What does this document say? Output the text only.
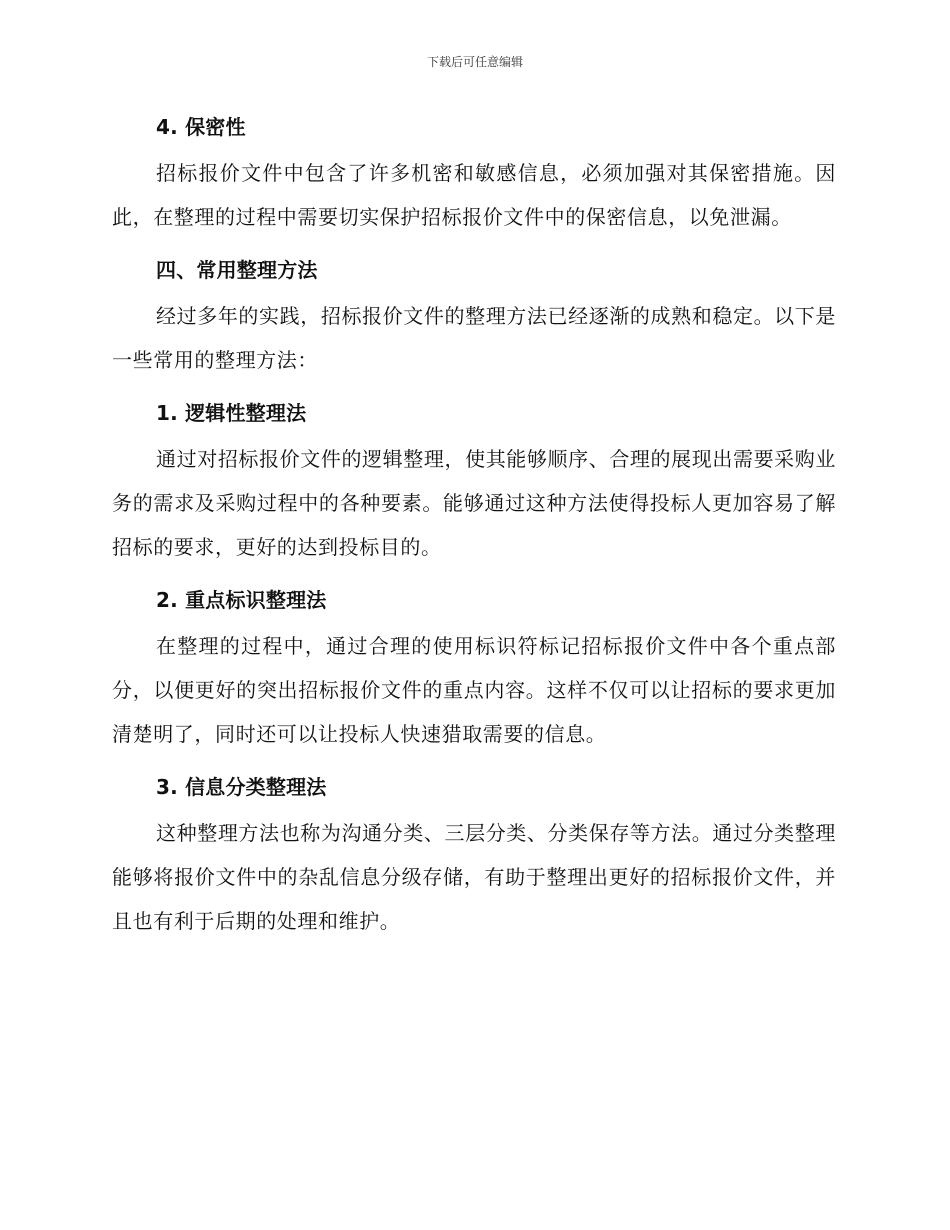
下载后可任意编辑
4. 保密性

招标报价文件中包含了许多机密和敏感信息，必须加强对其保密措施。因此，在整理的过程中需要切实保护招标报价文件中的保密信息，以免泄漏。

四、常用整理方法

经过多年的实践，招标报价文件的整理方法已经逐渐的成熟和稳定。以下是一些常用的整理方法：

1. 逻辑性整理法

通过对招标报价文件的逻辑整理，使其能够顺序、合理的展现出需要采购业务的需求及采购过程中的各种要素。能够通过这种方法使得投标人更加容易了解招标的要求，更好的达到投标目的。

2. 重点标识整理法

在整理的过程中，通过合理的使用标识符标记招标报价文件中各个重点部分，以便更好的突出招标报价文件的重点内容。这样不仅可以让招标的要求更加清楚明了，同时还可以让投标人快速猎取需要的信息。

3. 信息分类整理法

这种整理方法也称为沟通分类、三层分类、分类保存等方法。通过分类整理能够将报价文件中的杂乱信息分级存储，有助于整理出更好的招标报价文件，并且也有利于后期的处理和维护。
